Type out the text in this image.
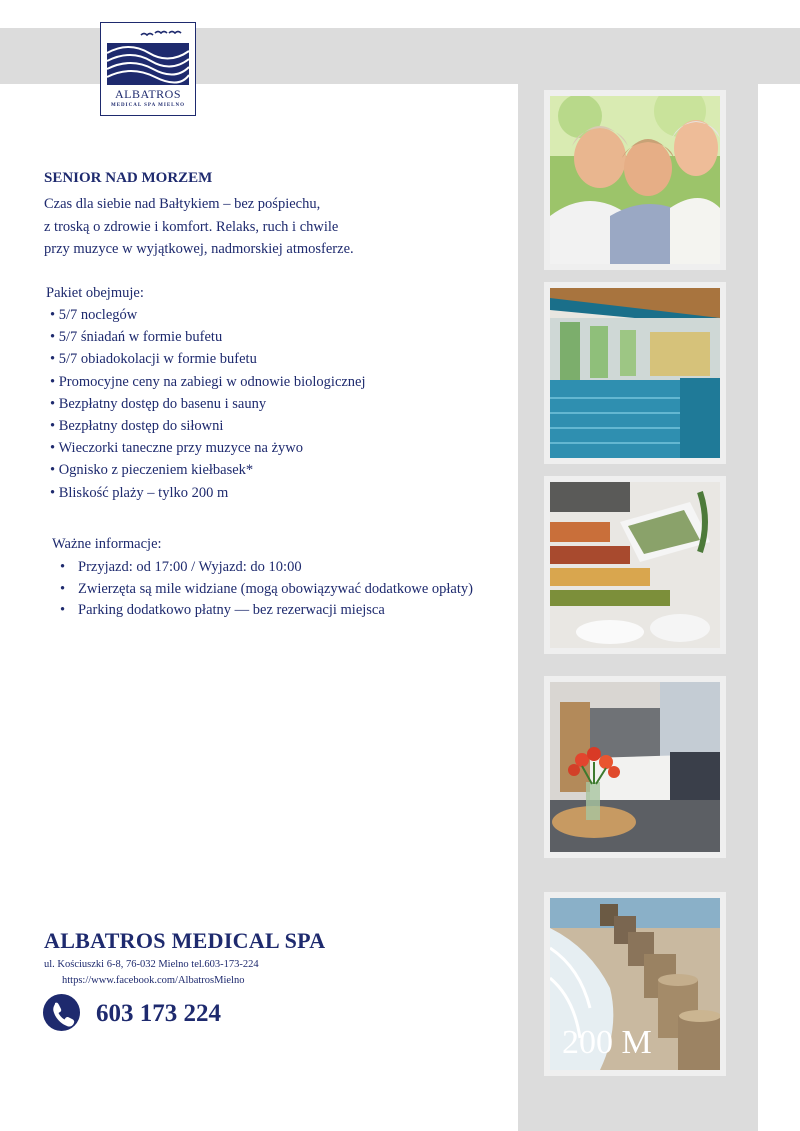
ALBATROS
MEDICAL SPA MIELNO
SENIOR NAD MORZEM

Czas dla siebie nad Bałtykiem – bez pośpiechu,

z troską o zdrowie i komfort. Relaks, ruch i chwile

przy muzyce w wyjątkowej, nadmorskiej atmosferze.

Pakiet obejmuje:
• 5/7 noclegów
• 5/7 śniadań w formie bufetu
• 5/7 obiadokolacji w formie bufetu
• Promocyjne ceny na zabiegi w odnowie biologicznej
• Bezpłatny dostęp do basenu i sauny
• Bezpłatny dostęp do siłowni
• Wieczorki taneczne przy muzyce na żywo
• Ognisko z pieczeniem kiełbasek*
• Bliskość plaży – tylko 200 m
Ważne informacje:
• Przyjazd: od 17:00 / Wyjazd: do 10:00
• Zwierzęta są mile widziane (mogą obowiązywać dodatkowe opłaty)
• Parking dodatkowo płatny — bez rezerwacji miejsca
200 M
ALBATROS MEDICAL SPA
ul. Kościuszki 6-8, 76-032 Mielno tel.603-173-224
https://www.facebook.com/AlbatrosMielno
603 173 224
